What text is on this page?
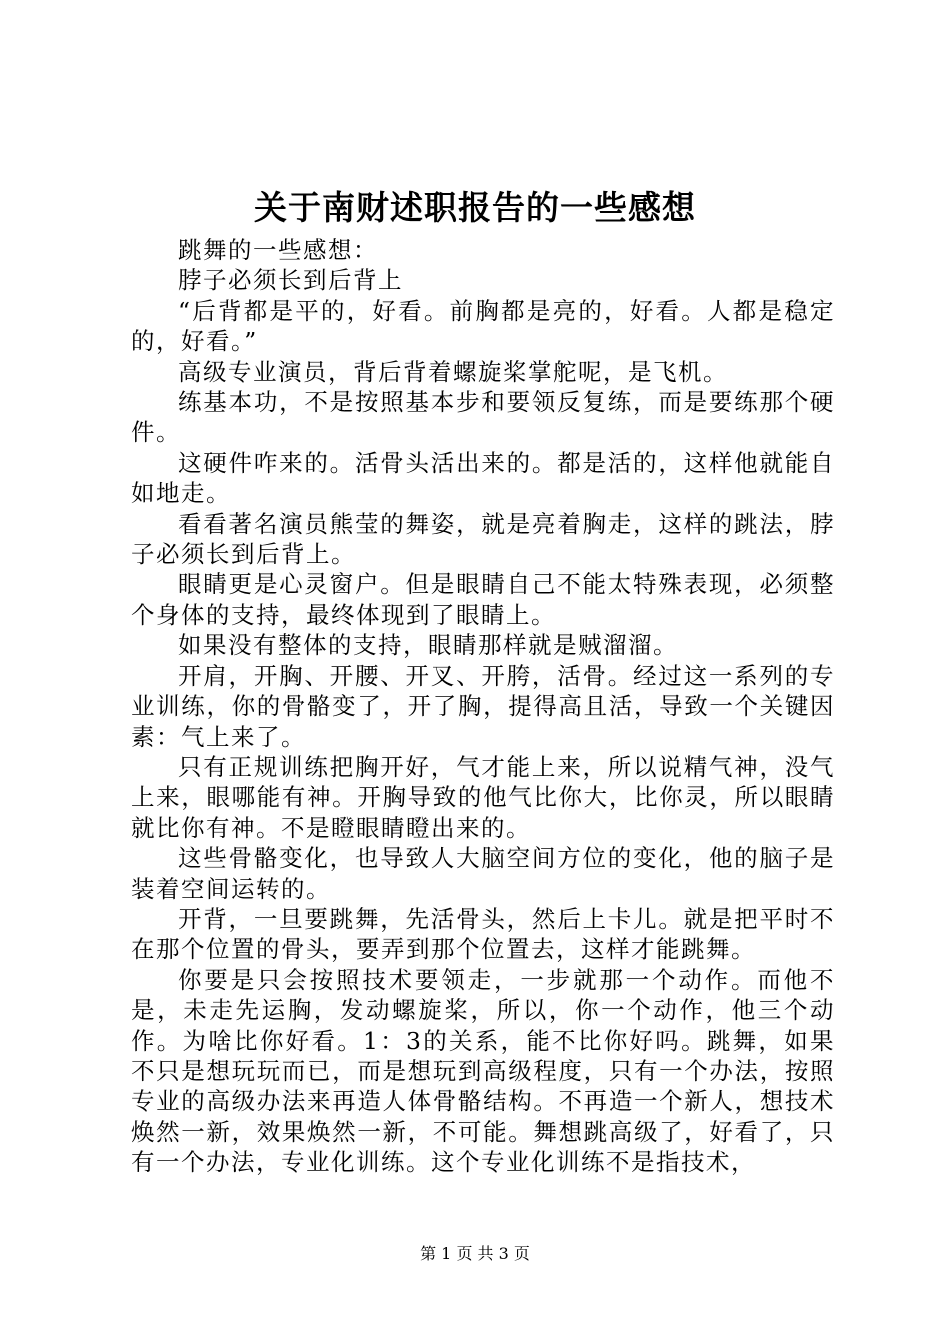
关于南财述职报告的一些感想

跳舞的一些感想：

脖子必须长到后背上

“后背都是平的，好看。前胸都是亮的，好看。人都是稳定的，好看。”

高级专业演员，背后背着螺旋桨掌舵呢，是飞机。

练基本功，不是按照基本步和要领反复练，而是要练那个硬件。

这硬件咋来的。活骨头活出来的。都是活的，这样他就能自如地走。

看看著名演员熊莹的舞姿，就是亮着胸走，这样的跳法，脖子必须长到后背上。

眼睛更是心灵窗户。但是眼睛自己不能太特殊表现，必须整个身体的支持，最终体现到了眼睛上。

如果没有整体的支持，眼睛那样就是贼溜溜。

开肩，开胸、开腰、开叉、开胯，活骨。经过这一系列的专业训练，你的骨骼变了，开了胸，提得高且活，导致一个关键因素：气上来了。

只有正规训练把胸开好，气才能上来，所以说精气神，没气上来，眼哪能有神。开胸导致的他气比你大，比你灵，所以眼睛就比你有神。不是瞪眼睛瞪出来的。

这些骨骼变化，也导致人大脑空间方位的变化，他的脑子是装着空间运转的。

开背，一旦要跳舞，先活骨头，然后上卡儿。就是把平时不在那个位置的骨头，要弄到那个位置去，这样才能跳舞。

你要是只会按照技术要领走，一步就那一个动作。而他不是，未走先运胸，发动螺旋桨，所以，你一个动作，他三个动作。为啥比你好看。1：3的关系，能不比你好吗。跳舞，如果不只是想玩玩而已，而是想玩到高级程度，只有一个办法，按照专业的高级办法来再造人体骨骼结构。不再造一个新人，想技术焕然一新，效果焕然一新，不可能。舞想跳高级了，好看了，只有一个办法，专业化训练。这个专业化训练不是指技术，

第 1 页 共 3 页
